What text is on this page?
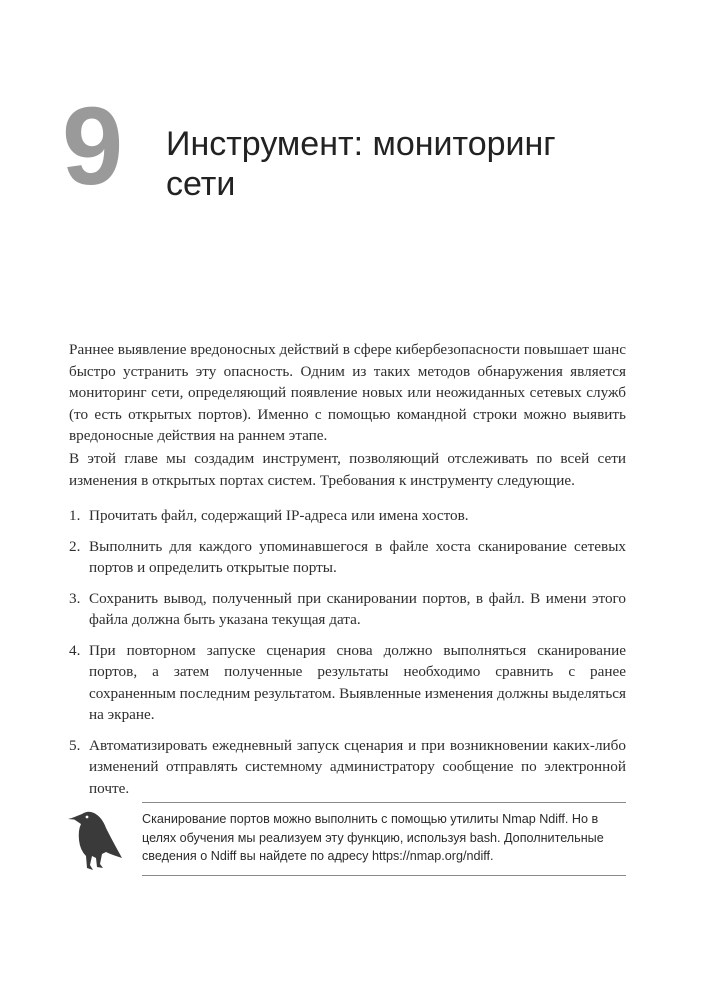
9 Инструмент: мониторинг
сети

Раннее выявление вредоносных действий в сфере кибербезопасности повышает шанс быстро устранить эту опасность. Одним из таких методов обнаружения является мониторинг сети, определяющий появление новых или неожиданных сетевых служб (то есть открытых портов). Именно с помощью командной строки можно выявить вредоносные действия на раннем этапе.

В этой главе мы создадим инструмент, позволяющий отслеживать по всей сети изменения в открытых портах систем. Требования к инструменту следующие.

1. Прочитать файл, содержащий IP-адреса или имена хостов.
2. Выполнить для каждого упоминавшегося в файле хоста сканирование сетевых портов и определить открытые порты.
3. Сохранить вывод, полученный при сканировании портов, в файл. В имени этого файла должна быть указана текущая дата.
4. При повторном запуске сценария снова должно выполняться сканирование портов, а затем полученные результаты необходимо сравнить с ранее сохраненным последним результатом. Выявленные изменения должны выделяться на экране.
5. Автоматизировать ежедневный запуск сценария и при возникновении каких-либо изменений отправлять системному администратору сообщение по электронной почте.

Сканирование портов можно выполнить с помощью утилиты Nmap Ndiff. Но в целях обучения мы реализуем эту функцию, используя bash. Дополнительные сведения о Ndiff вы найдете по адресу https://nmap.org/ndiff.
